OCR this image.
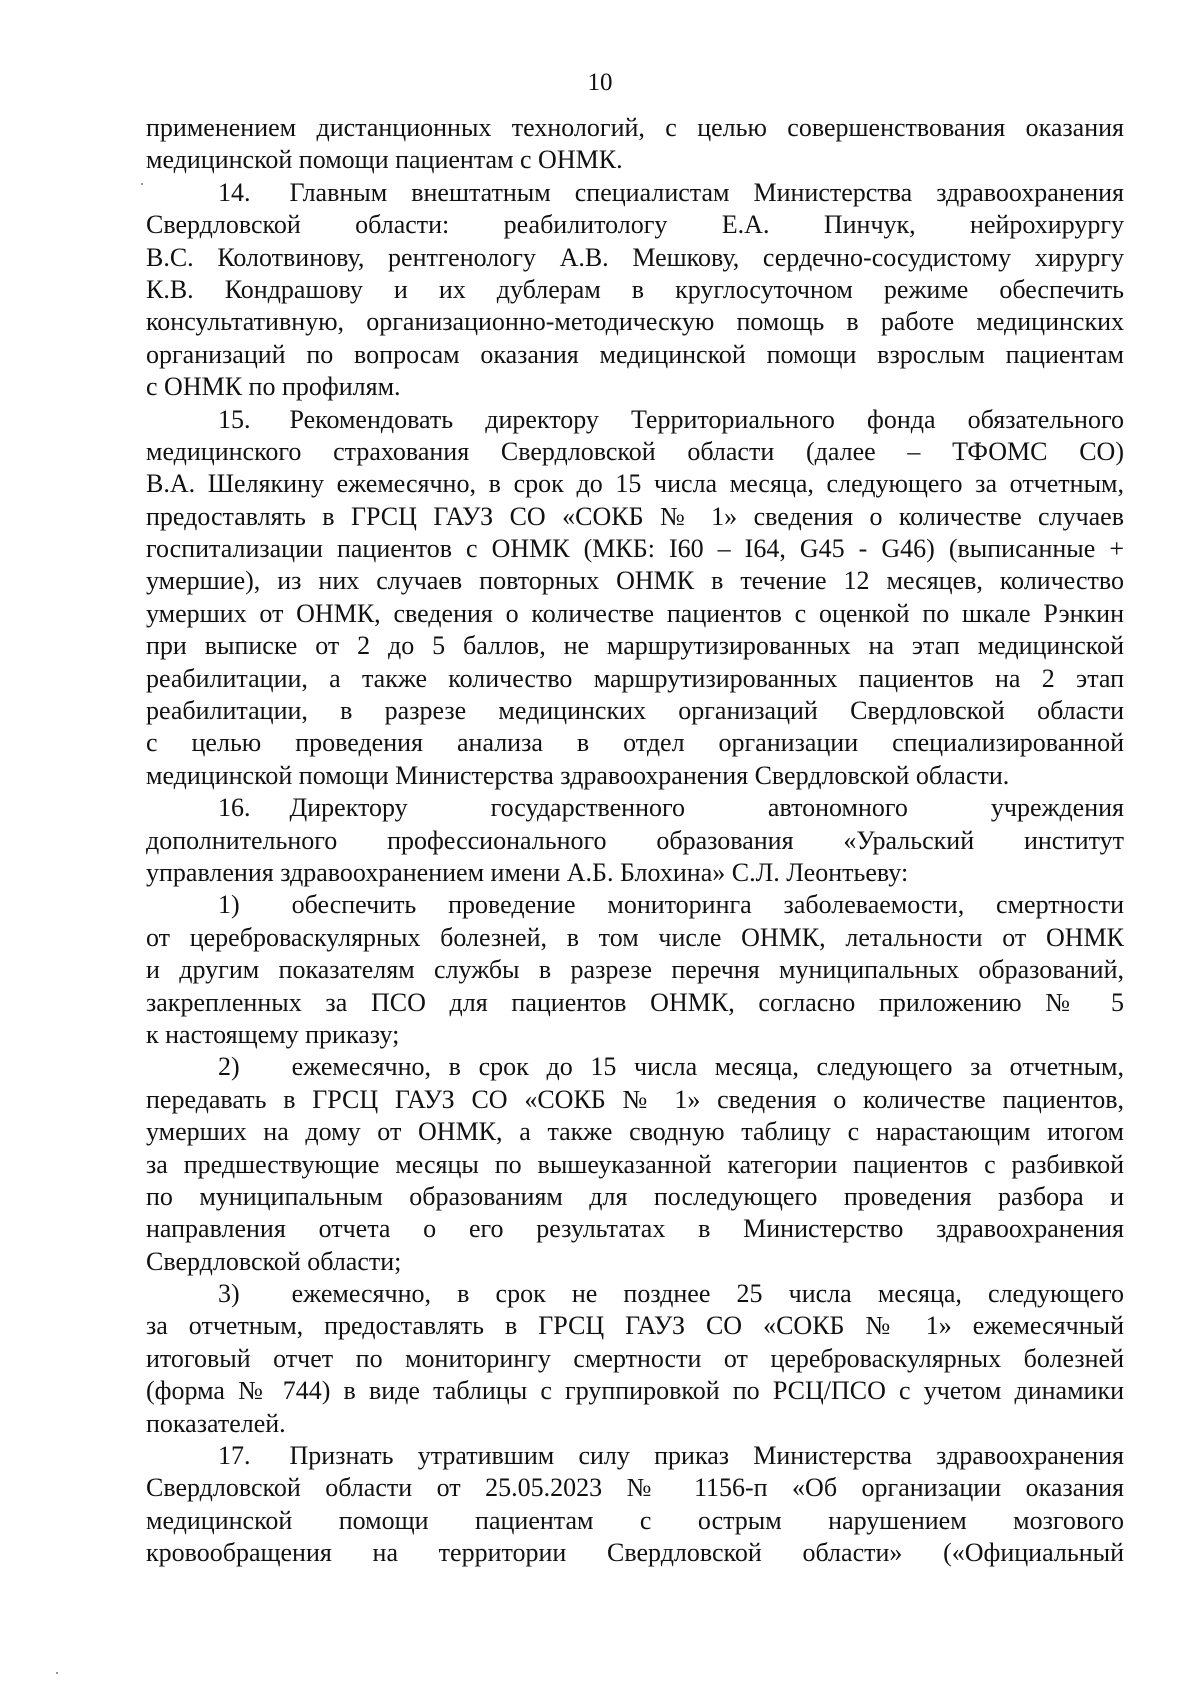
10
применением дистанционных технологий, с целью совершенствования оказания
медицинской помощи пациентам с ОНМК.
14.  Главным внештатным специалистам Министерства здравоохранения
Свердловской области: реабилитологу Е.А. Пинчук, нейрохирургу
В.С. Колотвинову, рентгенологу А.В. Мешкову, сердечно-сосудистому хирургу
К.В. Кондрашову и их дублерам в круглосуточном режиме обеспечить
консультативную, организационно-методическую помощь в работе медицинских
организаций по вопросам оказания медицинской помощи взрослым пациентам
с ОНМК по профилям.
15.  Рекомендовать директору Территориального фонда обязательного
медицинского страхования Свердловской области (далее – ТФОМС СО)
В.А. Шелякину ежемесячно, в срок до 15 числа месяца, следующего за отчетным,
предоставлять в ГРСЦ ГАУЗ СО «СОКБ № 1» сведения о количестве случаев
госпитализации пациентов с ОНМК (МКБ: I60 – I64, G45 - G46) (выписанные +
умершие), из них случаев повторных ОНМК в течение 12 месяцев, количество
умерших от ОНМК, сведения о количестве пациентов с оценкой по шкале Рэнкин
при выписке от 2 до 5 баллов, не маршрутизированных на этап медицинской
реабилитации, а также количество маршрутизированных пациентов на 2 этап
реабилитации, в разрезе медицинских организаций Свердловской области
с целью проведения анализа в отдел организации специализированной
медицинской помощи Министерства здравоохранения Свердловской области.
16.  Директору государственного автономного учреждения
дополнительного профессионального образования «Уральский институт
управления здравоохранением имени А.Б. Блохина» С.Л. Леонтьеву:
1)  обеспечить проведение мониторинга заболеваемости, смертности
от цереброваскулярных болезней, в том числе ОНМК, летальности от ОНМК
и другим показателям службы в разрезе перечня муниципальных образований,
закрепленных за ПСО для пациентов ОНМК, согласно приложению № 5
к настоящему приказу;
2)  ежемесячно, в срок до 15 числа месяца, следующего за отчетным,
передавать в ГРСЦ ГАУЗ СО «СОКБ № 1» сведения о количестве пациентов,
умерших на дому от ОНМК, а также сводную таблицу с нарастающим итогом
за предшествующие месяцы по вышеуказанной категории пациентов с разбивкой
по муниципальным образованиям для последующего проведения разбора и
направления отчета о его результатах в Министерство здравоохранения
Свердловской области;
3)  ежемесячно, в срок не позднее 25 числа месяца, следующего
за отчетным, предоставлять в ГРСЦ ГАУЗ СО «СОКБ № 1» ежемесячный
итоговый отчет по мониторингу смертности от цереброваскулярных болезней
(форма № 744) в виде таблицы с группировкой по РСЦ/ПСО с учетом динамики
показателей.
17.  Признать утратившим силу приказ Министерства здравоохранения
Свердловской области от 25.05.2023 № 1156-п «Об организации оказания
медицинской помощи пациентам с острым нарушением мозгового
кровообращения на территории Свердловской области» («Официальный
